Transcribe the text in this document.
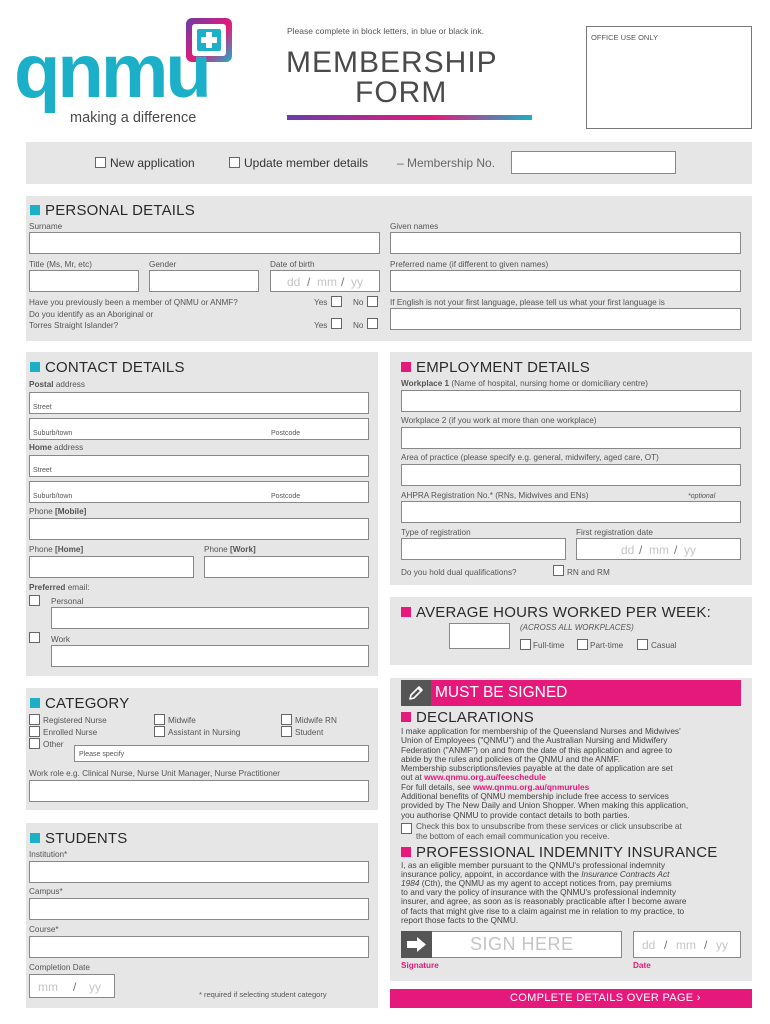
qnmu
making a difference
Please complete in block letters, in blue or black ink.
MEMBERSHIP
FORM
OFFICE USE ONLY
New application	Update member details – Membership No.
PERSONAL DETAILS
Surname	Given names
Title (Ms, Mr, etc)	Gender	Date of birth
dd / mm / yy
Preferred name (if different to given names)
Have you previously been a member of QNMU or ANMF?	Yes	No
Do you identify as an Aboriginal or
Torres Straight Islander?	Yes	No
If English is not your first language, please tell us what your first language is
CONTACT DETAILS
Postal address
Street
Suburb/town	Postcode
Home address
Street
Suburb/town	Postcode
Phone [Mobile]
Phone [Home]	Phone [Work]
Preferred email:
Personal
Work
EMPLOYMENT DETAILS
Workplace 1 (Name of hospital, nursing home or domiciliary centre)
Workplace 2 (if you work at more than one workplace)
Area of practice (please specify e.g. general, midwifery, aged care, OT)
AHPRA Registration No.* (RNs, Midwives and ENs)	*optional
Type of registration	First registration date
dd / mm / yy
Do you hold dual qualifications?	RN and RM
AVERAGE HOURS WORKED PER WEEK:
(ACROSS ALL WORKPLACES)
Full-time	Part-time	Casual
CATEGORY
Registered Nurse
Enrolled Nurse
Other
Please specify
Midwife
Assistant in Nursing
Midwife RN
Student
Work role e.g. Clinical Nurse, Nurse Unit Manager, Nurse Practitioner
STUDENTS
Institution*
Campus*
Course*
Completion Date
mm / yy
* required if selecting student category
MUST BE SIGNED
DECLARATIONS
I make application for membership of the Queensland Nurses and Midwives'
Union of Employees ("QNMU") and the Australian Nursing and Midwifery
Federation ("ANMF") on and from the date of this application and agree to
abide by the rules and policies of the QNMU and the ANMF.
Membership subscriptions/levies payable at the date of application are set
out at www.qnmu.org.au/feeschedule
For full details, see www.qnmu.org.au/qnmurules
Additional benefits of QNMU membership include free access to services
provided by The New Daily and Union Shopper. When making this application,
you authorise QNMU to provide contact details to both parties.
Check this box to unsubscribe from these services or click unsubscribe at
the bottom of each email communication you receive.
PROFESSIONAL INDEMNITY INSURANCE
I, as an eligible member pursuant to the QNMU's professional indemnity
insurance policy, appoint, in accordance with the Insurance Contracts Act
1984 (Cth), the QNMU as my agent to accept notices from, pay premiums
to and vary the policy of insurance with the QNMU's professional indemnity
insurer, and agree, as soon as is reasonably practicable after I become aware
of facts that might give rise to a claim against me in relation to my practice, to
report those facts to the QNMU.
SIGN HERE	dd / mm / yy
Signature	Date
COMPLETE DETAILS OVER PAGE ›
